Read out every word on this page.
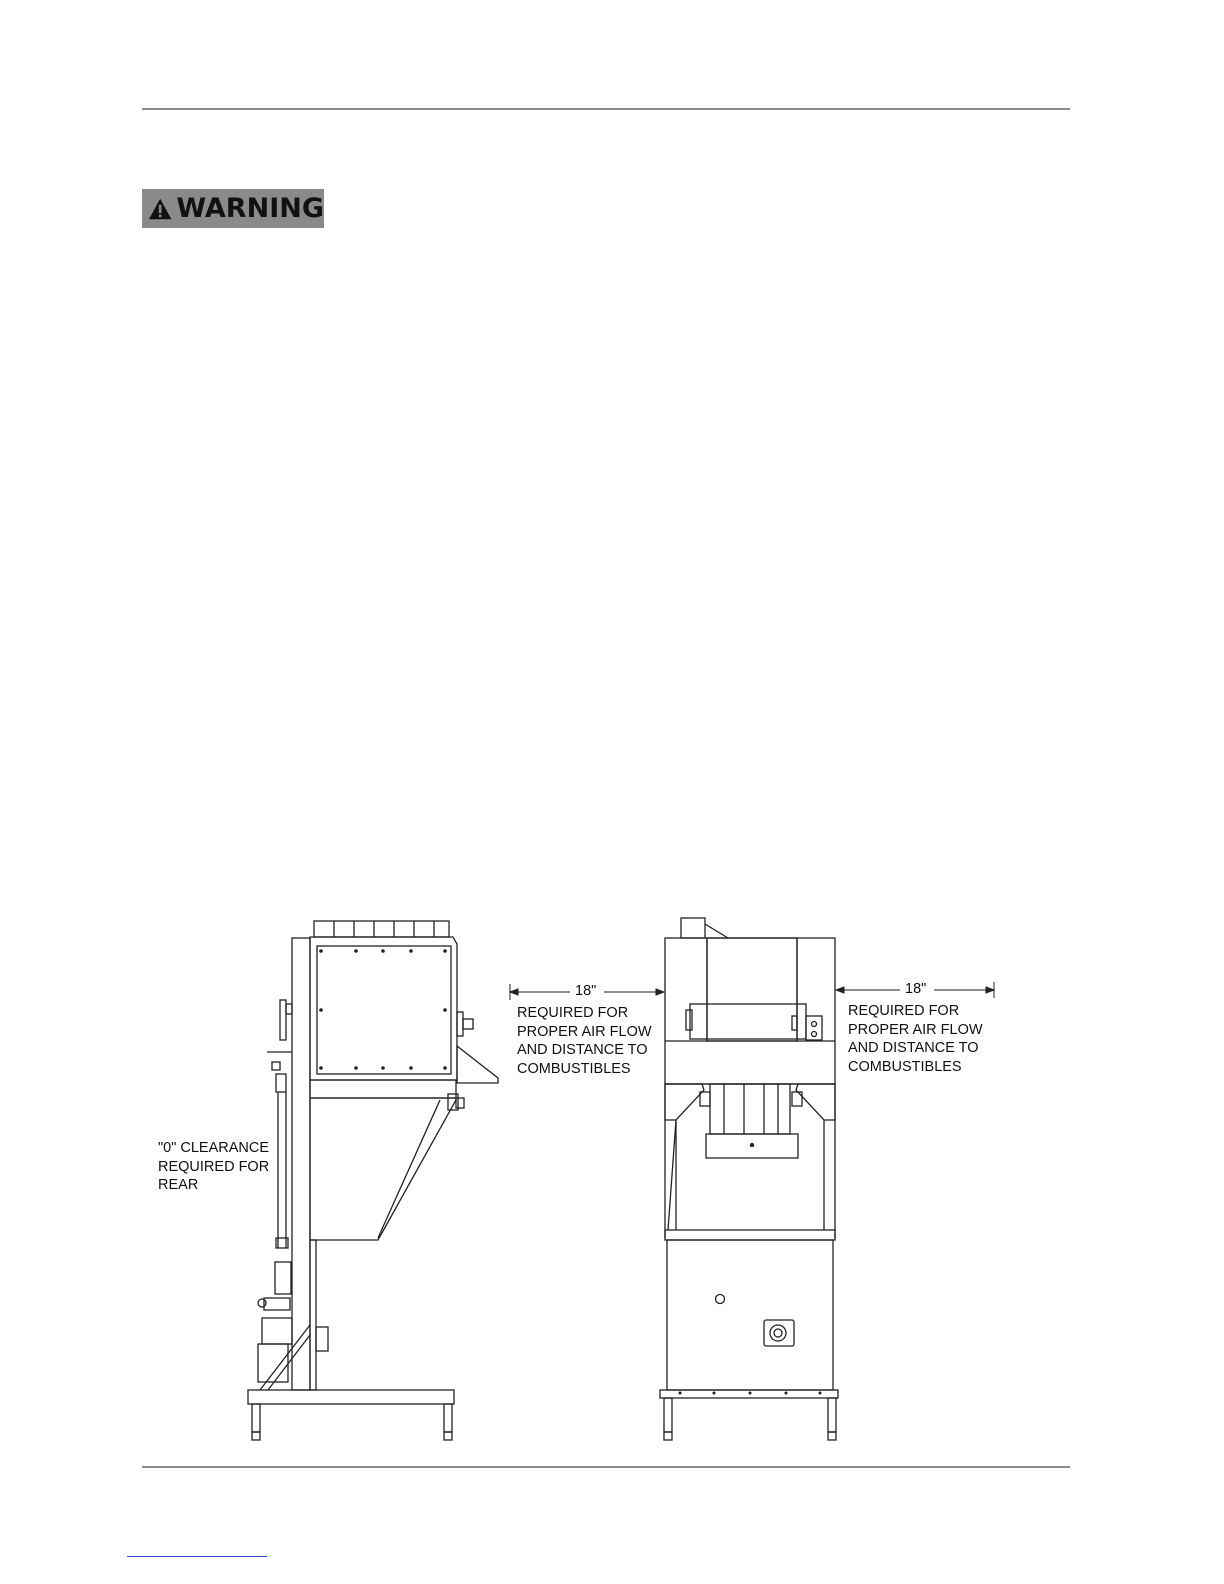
WARNING
"0" CLEARANCE
REQUIRED FOR
REAR
18"
REQUIRED FOR
PROPER AIR FLOW
AND DISTANCE TO
COMBUSTIBLES
18"
REQUIRED FOR
PROPER AIR FLOW
AND DISTANCE TO
COMBUSTIBLES
